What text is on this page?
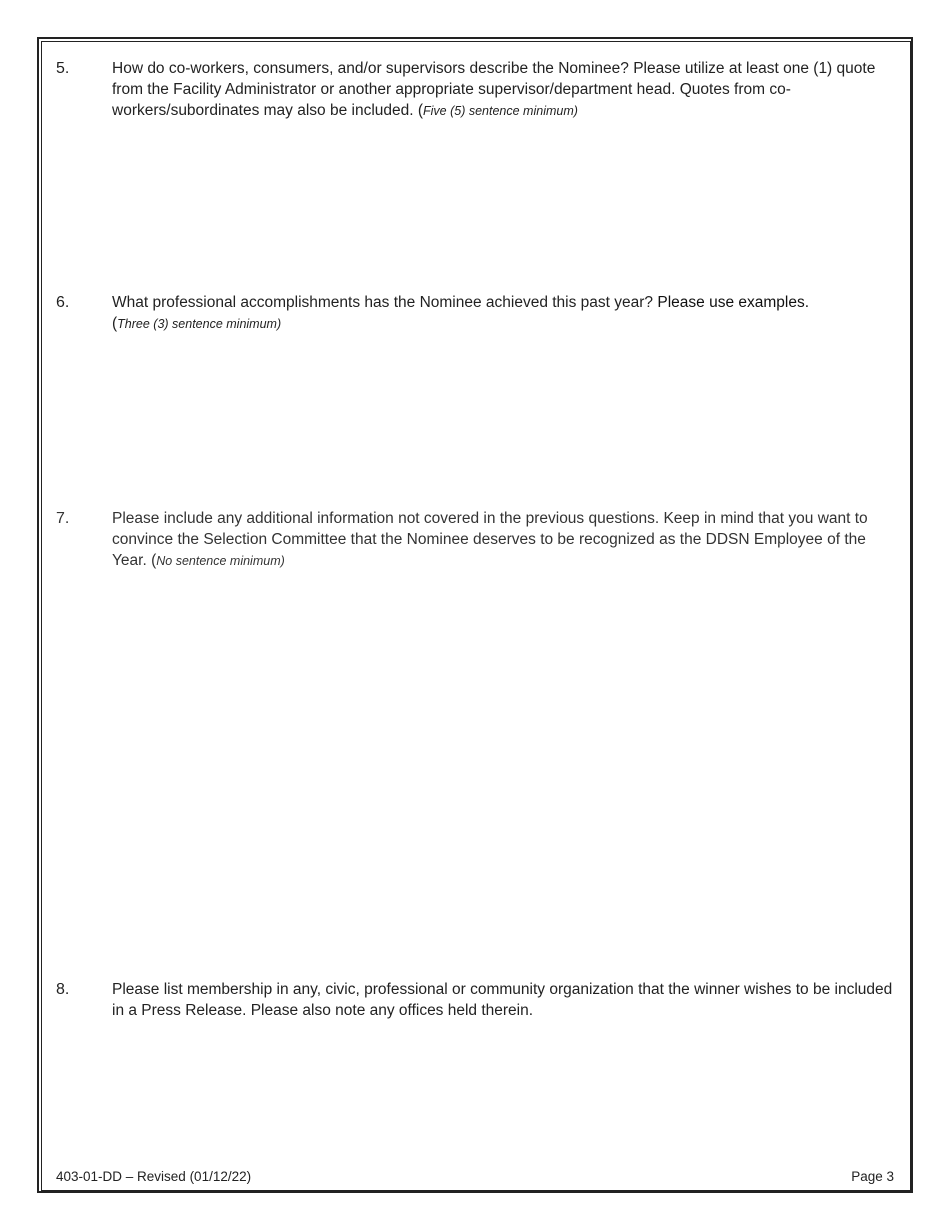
5.	How do co-workers, consumers, and/or supervisors describe the Nominee? Please utilize at least one (1) quote from the Facility Administrator or another appropriate supervisor/department head. Quotes from co-workers/subordinates may also be included. (Five (5) sentence minimum)
6.	What professional accomplishments has the Nominee achieved this past year? Please use examples.
(Three (3) sentence minimum)
7.	Please include any additional information not covered in the previous questions. Keep in mind that you want to convince the Selection Committee that the Nominee deserves to be recognized as the DDSN Employee of the Year. (No sentence minimum)
8.	Please list membership in any, civic, professional or community organization that the winner wishes to be included in a Press Release. Please also note any offices held therein.
403-01-DD – Revised (01/12/22)	Page 3
